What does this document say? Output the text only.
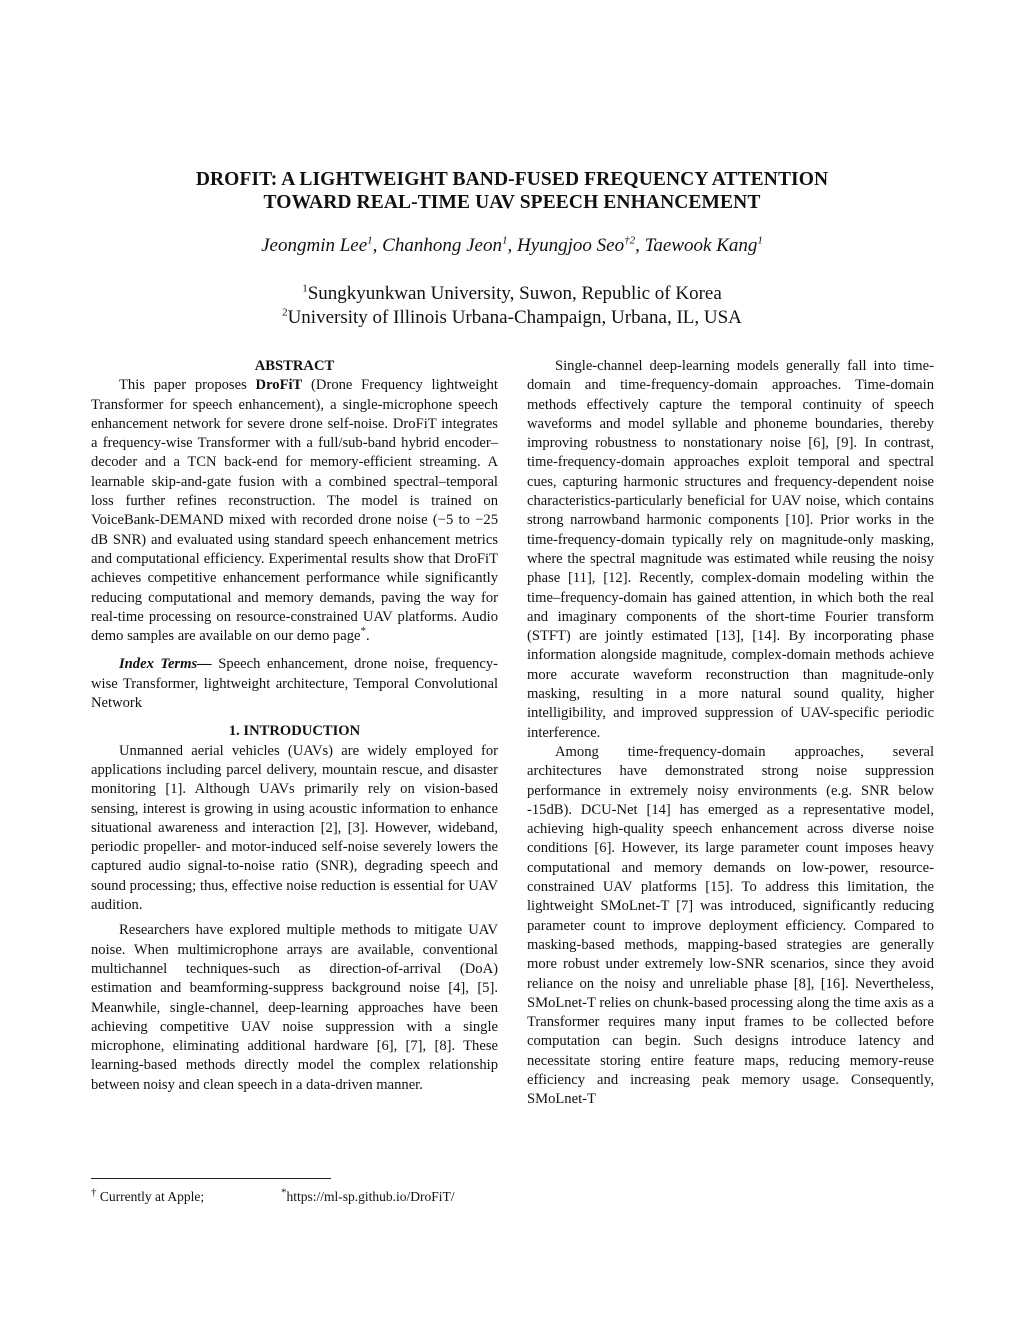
DROFIT: A LIGHTWEIGHT BAND-FUSED FREQUENCY ATTENTION
TOWARD REAL-TIME UAV SPEECH ENHANCEMENT
Jeongmin Lee$^1$, Chanhong Jeon$^1$, Hyungjoo Seo$^{\dagger 2}$, Taewook Kang$^1$
$^1$Sungkyunkwan University, Suwon, Republic of Korea
$^2$University of Illinois Urbana-Champaign, Urbana, IL, USA
ABSTRACT

This paper proposes DroFiT (Drone Frequency lightweight Transformer for speech enhancement), a single-microphone speech enhancement network for severe drone self-noise. DroFiT integrates a frequency-wise Transformer with a full/sub-band hybrid encoder–decoder and a TCN back-end for memory-efficient streaming. A learnable skip-and-gate fusion with a combined spectral–temporal loss further refines reconstruction. The model is trained on VoiceBank-DEMAND mixed with recorded drone noise (−5 to −25 dB SNR) and evaluated using standard speech enhancement metrics and computational efficiency. Experimental results show that DroFiT achieves competitive enhancement performance while significantly reducing computational and memory demands, paving the way for real-time processing on resource-constrained UAV platforms. Audio demo samples are available on our demo page*.

Index Terms— Speech enhancement, drone noise, frequency-wise Transformer, lightweight architecture, Temporal Convolutional Network

1. INTRODUCTION

Unmanned aerial vehicles (UAVs) are widely employed for applications including parcel delivery, mountain rescue, and disaster monitoring [1]. Although UAVs primarily rely on vision-based sensing, interest is growing in using acoustic information to enhance situational awareness and interaction [2], [3]. However, wideband, periodic propeller- and motor-induced self-noise severely lowers the captured audio signal-to-noise ratio (SNR), degrading speech and sound processing; thus, effective noise reduction is essential for UAV audition.

Researchers have explored multiple methods to mitigate UAV noise. When multimicrophone arrays are available, conventional multichannel techniques-such as direction-of-arrival (DoA) estimation and beamforming-suppress background noise [4], [5]. Meanwhile, single-channel, deep-learning approaches have been achieving competitive UAV noise suppression with a single microphone, eliminating additional hardware [6], [7], [8]. These learning-based methods directly model the complex relationship between noisy and clean speech in a data-driven manner.

Single-channel deep-learning models generally fall into time-domain and time-frequency-domain approaches. Time-domain methods effectively capture the temporal continuity of speech waveforms and model syllable and phoneme boundaries, thereby improving robustness to nonstationary noise [6], [9]. In contrast, time-frequency-domain approaches exploit temporal and spectral cues, capturing harmonic structures and frequency-dependent noise characteristics-particularly beneficial for UAV noise, which contains strong narrowband harmonic components [10]. Prior works in the time-frequency-domain typically rely on magnitude-only masking, where the spectral magnitude was estimated while reusing the noisy phase [11], [12]. Recently, complex-domain modeling within the time–frequency-domain has gained attention, in which both the real and imaginary components of the short-time Fourier transform (STFT) are jointly estimated [13], [14]. By incorporating phase information alongside magnitude, complex-domain methods achieve more accurate waveform reconstruction than magnitude-only masking, resulting in a more natural sound quality, higher intelligibility, and improved suppression of UAV-specific periodic interference.

Among time-frequency-domain approaches, several architectures have demonstrated strong noise suppression performance in extremely noisy environments (e.g. SNR below -15dB). DCU-Net [14] has emerged as a representative model, achieving high-quality speech enhancement across diverse noise conditions [6]. However, its large parameter count imposes heavy computational and memory demands on low-power, resource-constrained UAV platforms [15]. To address this limitation, the lightweight SMoLnet-T [7] was introduced, significantly reducing parameter count to improve deployment efficiency. Compared to masking-based methods, mapping-based strategies are generally more robust under extremely low-SNR scenarios, since they avoid reliance on the noisy and unreliable phase [8], [16]. Nevertheless, SMoLnet-T relies on chunk-based processing along the time axis as a Transformer requires many input frames to be collected before computation can begin. Such designs introduce latency and necessitate storing entire feature maps, reducing memory-reuse efficiency and increasing peak memory usage. Consequently, SMoLnet-T

† Currently at Apple;	*https://ml-sp.github.io/DroFiT/
